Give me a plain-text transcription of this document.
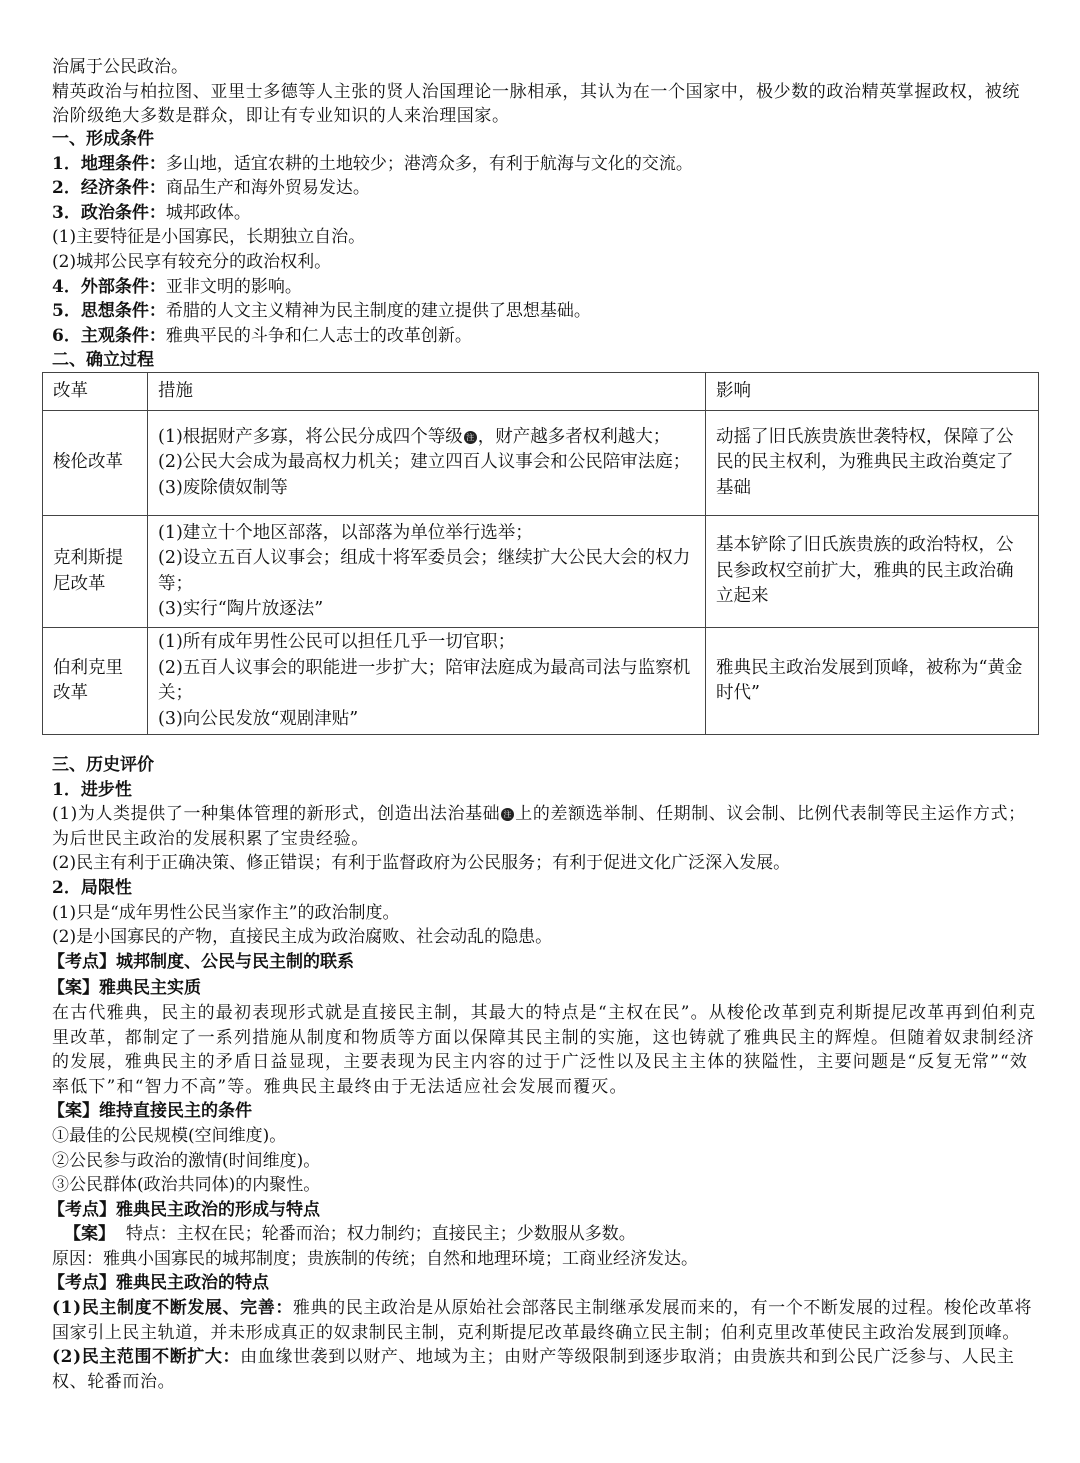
治属于公民政治。
精英政治与柏拉图、亚里士多德等人主张的贤人治国理论一脉相承，其认为在一个国家中，极少数的政治精英掌握政权，被统治阶级绝大多数是群众，即让有专业知识的人来治理国家。
一、形成条件
1．地理条件：多山地，适宜农耕的土地较少；港湾众多，有利于航海与文化的交流。
2．经济条件：商品生产和海外贸易发达。
3．政治条件：城邦政体。
(1)主要特征是小国寡民，长期独立自治。
(2)城邦公民享有较充分的政治权利。
4．外部条件：亚非文明的影响。
5．思想条件：希腊的人文主义精神为民主制度的建立提供了思想基础。
6．主观条件：雅典平民的斗争和仁人志士的改革创新。
改革	措施	影响
梭伦改革	(1)根据财产多寡，将公民分成四个等级 注 ，财产越多者权利越大；
(2)公民大会成为最高权力机关；建立四百人议事会和公民陪审法庭；
(3)废除债奴制等	动摇了旧氏族贵族世袭特权，保障了公民的民主权利，为雅典民主政治奠定了基础
克利斯提尼改革	(1)建立十个地区部落，以部落为单位举行选举；
(2)设立五百人议事会；组成十将军委员会；继续扩大公民大会的权力等；
(3)实行“陶片放逐法”	基本铲除了旧氏族贵族的政治特权，公民参政权空前扩大，雅典的民主政治确立起来
伯利克里改革	(1)所有成年男性公民可以担任几乎一切官职；
(2)五百人议事会的职能进一步扩大；陪审法庭成为最高司法与监察机关；
(3)向公民发放“观剧津贴”	雅典民主政治发展到顶峰，被称为“黄金时代”
二、确立过程
三、历史评价
1．进步性
(1)为人类提供了一种集体管理的新形式，创造出法治基础 注 上的差额选举制、任期制、议会制、比例代表制等民主运作方式；为后世民主政治的发展积累了宝贵经验。
(2)民主有利于正确决策、修正错误；有利于监督政府为公民服务；有利于促进文化广泛深入发展。
2．局限性
(1)只是“成年男性公民当家作主”的政治制度。
(2)是小国寡民的产物，直接民主成为政治腐败、社会动乱的隐患。
【考点】城邦制度、公民与民主制的联系
【案】雅典民主实质
在古代雅典，民主的最初表现形式就是直接民主制，其最大的特点是“主权在民”。从梭伦改革到克利斯提尼改革再到伯利克里改革，都制定了一系列措施从制度和物质等方面以保障其民主制的实施，这也铸就了雅典民主的辉煌。但随着奴隶制经济的发展，雅典民主的矛盾日益显现，主要表现为民主内容的过于广泛性以及民主主体的狭隘性，主要问题是“反复无常”“效率低下”和“智力不高”等。雅典民主最终由于无法适应社会发展而覆灭。
【案】维持直接民主的条件
①最佳的公民规模(空间维度)。
②公民参与政治的激情(时间维度)。
③公民群体(政治共同体)的内聚性。
【考点】雅典民主政治的形成与特点
【案】 特点：主权在民；轮番而治；权力制约；直接民主；少数服从多数。
原因：雅典小国寡民的城邦制度；贵族制的传统；自然和地理环境；工商业经济发达。
【考点】雅典民主政治的特点
(1)民主制度不断发展、完善：雅典的民主政治是从原始社会部落民主制继承发展而来的，有一个不断发展的过程。梭伦改革将国家引上民主轨道，并未形成真正的奴隶制民主制，克利斯提尼改革最终确立民主制；伯利克里改革使民主政治发展到顶峰。
(2)民主范围不断扩大：由血缘世袭到以财产、地域为主；由财产等级限制到逐步取消；由贵族共和到公民广泛参与、人民主权、轮番而治。
